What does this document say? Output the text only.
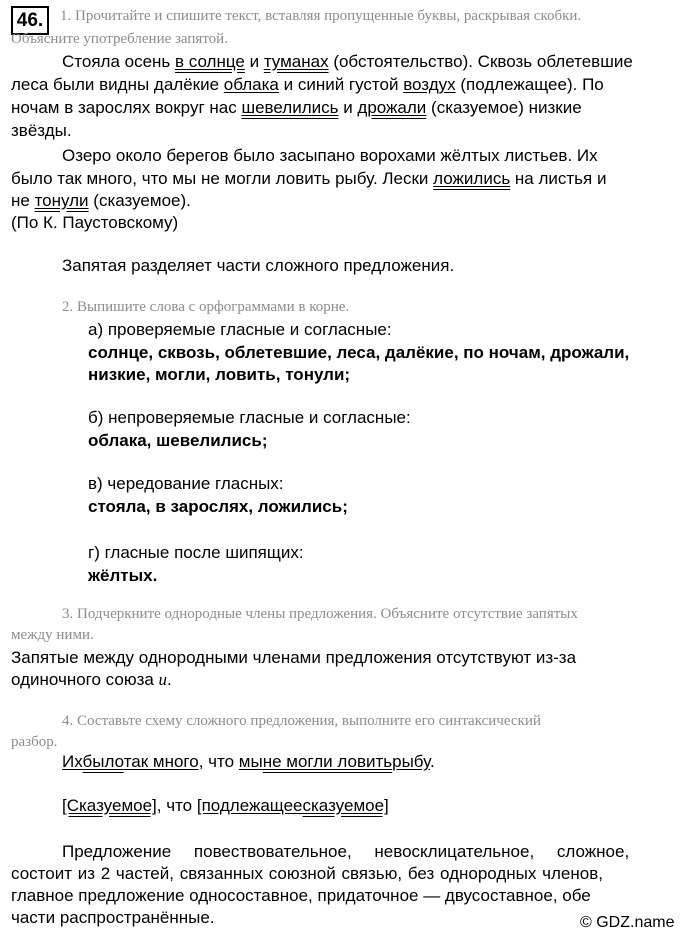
46.	1. Прочитайте и спишите текст, вставляя пропущенные буквы, раскрывая скобки.
Объясните употребление запятой.
Стояла осень в солнце и туманах (обстоятельство). Сквозь облетевшие
леса были видны далёкие облака и синий густой воздух (подлежащее). По
ночам в зарослях вокруг нас шевелились и дрожали (сказуемое) низкие
звёзды.
Озеро около берегов было засыпано ворохами жёлтых листьев. Их
было так много, что мы не могли ловить рыбу. Лески ложились на листья и
не тонули (сказуемое).
(По К. Паустовскому)
Запятая разделяет части сложного предложения.
2. Выпишите слова с орфограммами в корне.
а) проверяемые гласные и согласные:
солнце, сквозь, облетевшие, леса, далёкие, по ночам, дрожали,
низкие, могли, ловить, тонули;
б) непроверяемые гласные и согласные:
облака, шевелились;
в) чередование гласных:
стояла, в зарослях, ложились;
г) гласные после шипящих:
жёлтых.
3. Подчеркните однородные члены предложения. Объясните отсутствие запятых
между ними.
Запятые между однородными членами предложения отсутствуют из-за
одиночного союза и.
4. Составьте схему сложного предложения, выполните его синтаксический
разбор.
Ихбылотак много, что мыне могли ловитьрыбу.
[Сказуемое], что [подлежащеесказуемое]
Предложение повествовательное, невосклицательное, сложное,
состоит из 2 частей, связанных союзной связью, без однородных членов,
главное предложение односоставное, придаточное — двусоставное, обе
части распространённые.	© GDZ.name
